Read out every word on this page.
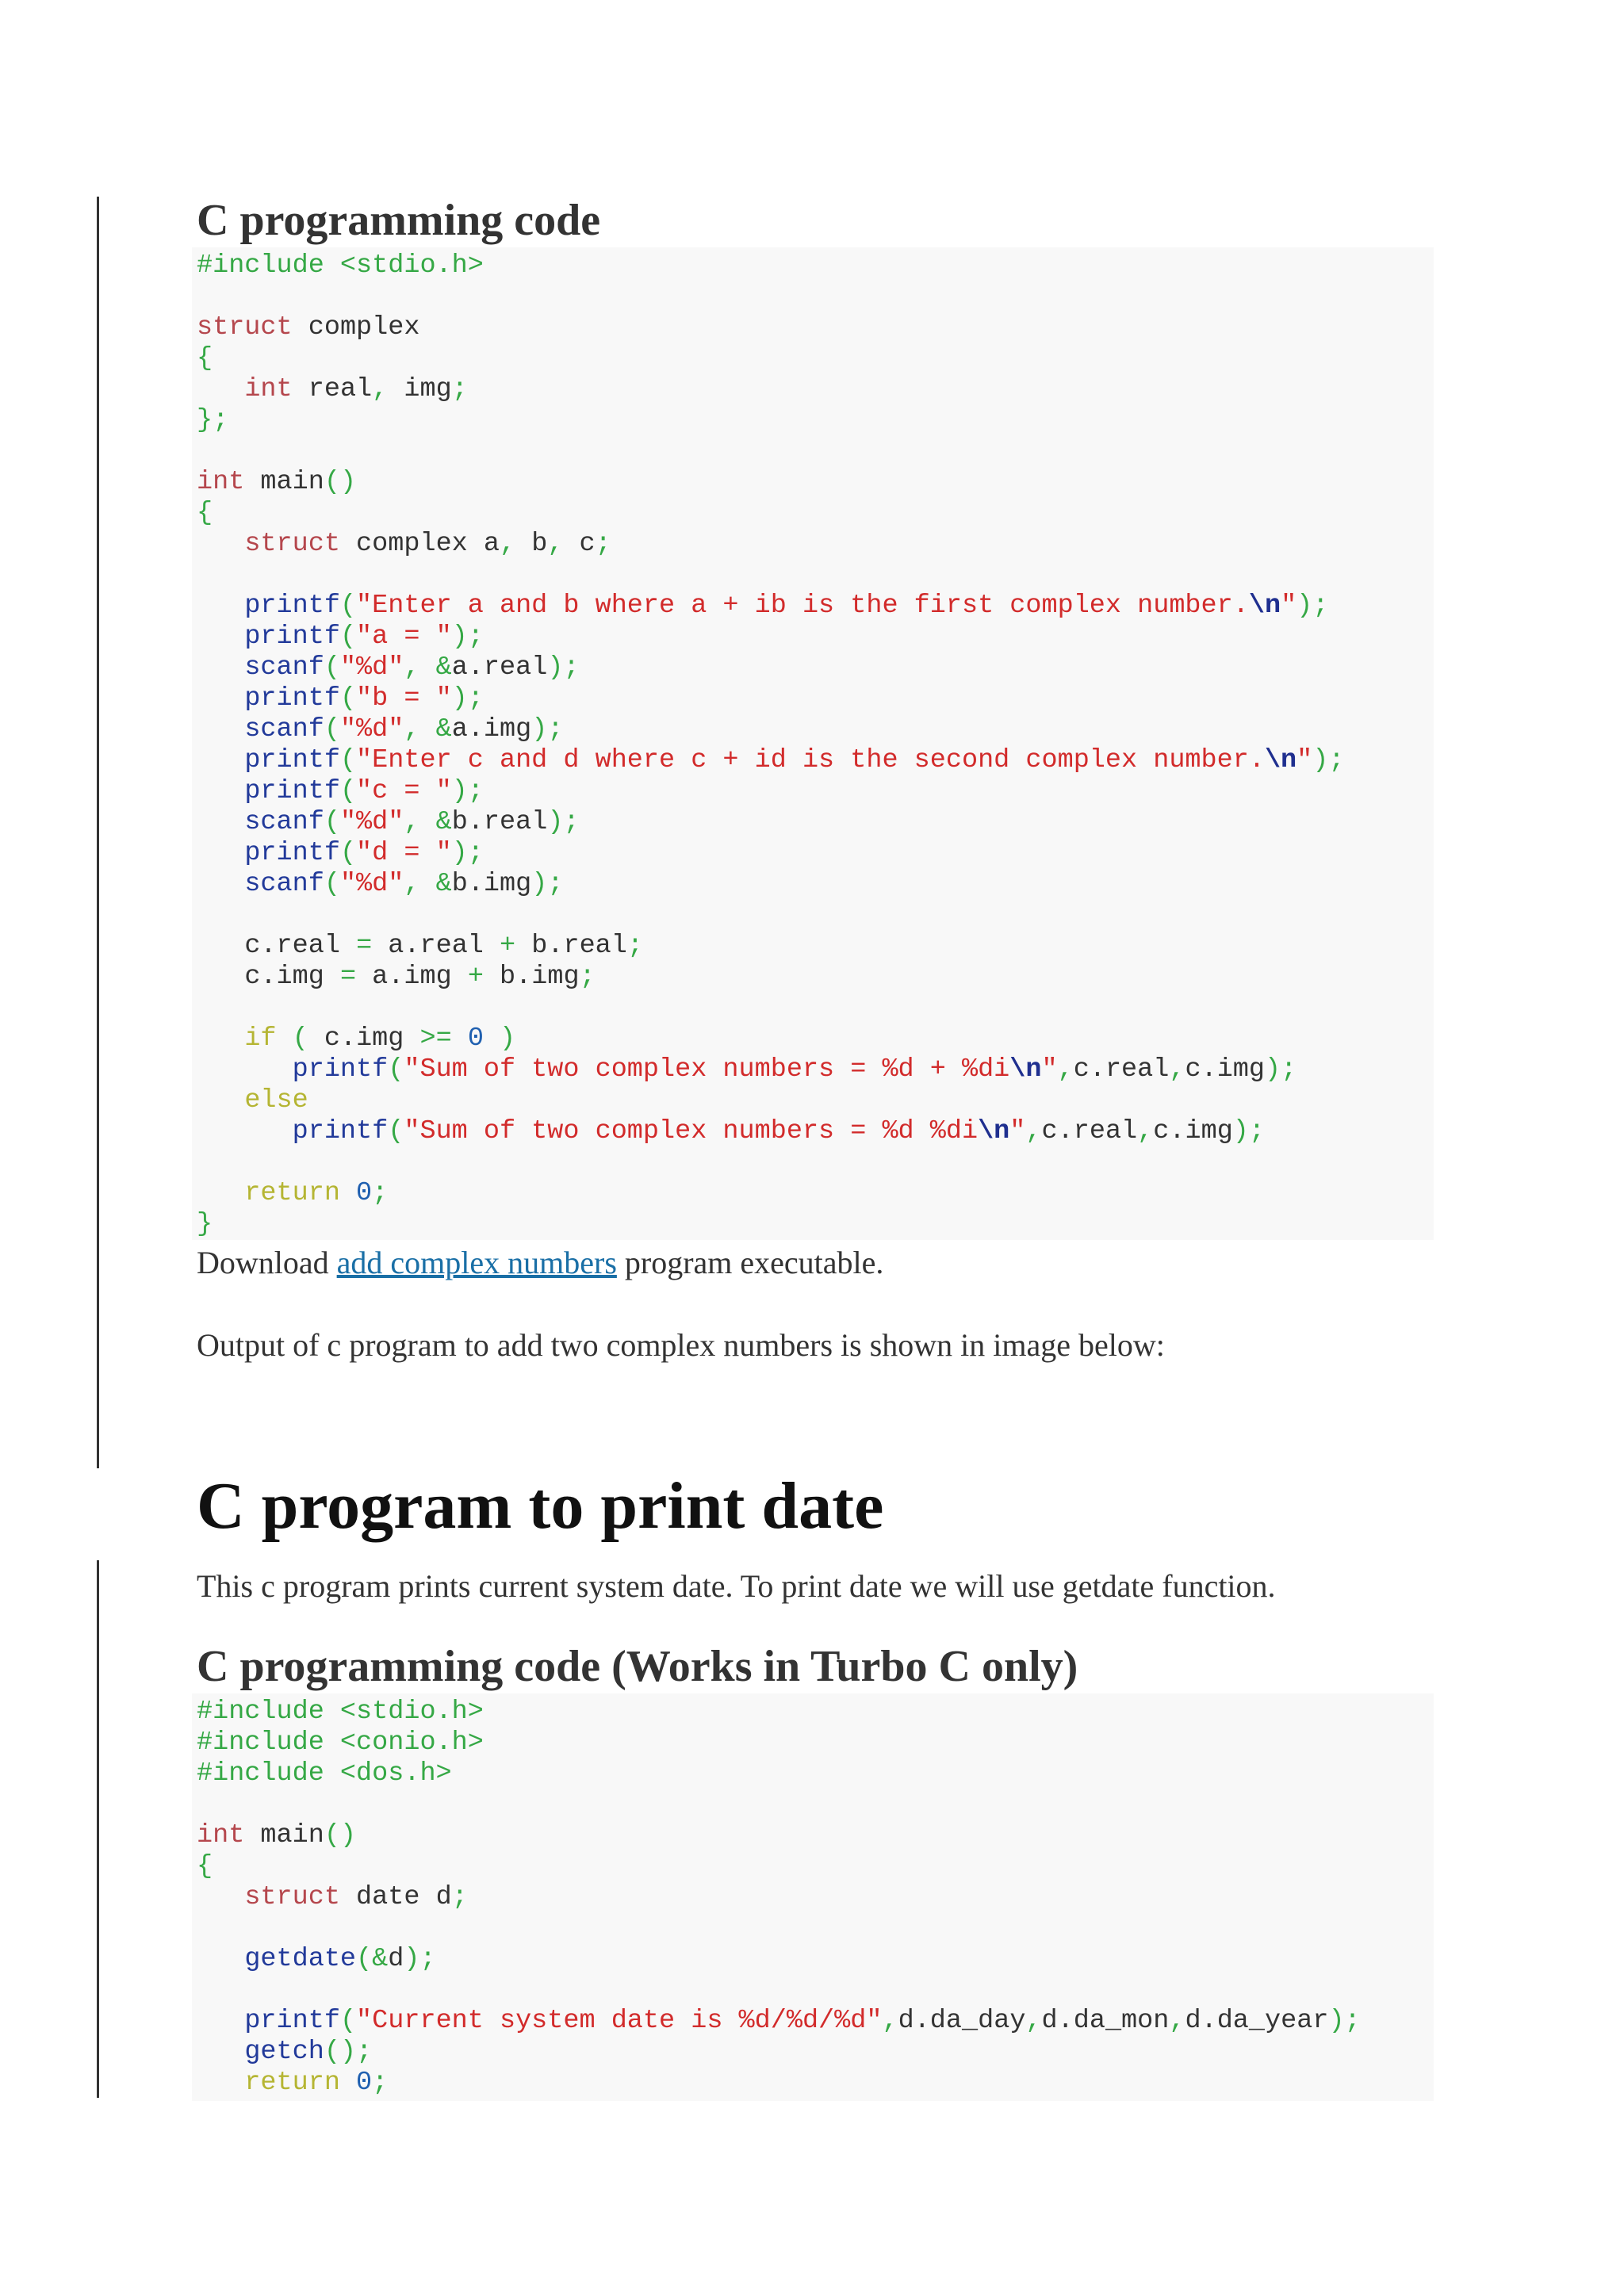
C programming code
#include <stdio.h>

struct complex
{
int real, img;
};

int main()
{
struct complex a, b, c;

printf("Enter a and b where a + ib is the first complex number.\n");
printf("a = ");
scanf("%d", &a.real);
printf("b = ");
scanf("%d", &a.img);
printf("Enter c and d where c + id is the second complex number.\n");
printf("c = ");
scanf("%d", &b.real);
printf("d = ");
scanf("%d", &b.img);

c.real = a.real + b.real;
c.img = a.img + b.img;

if ( c.img >= 0 )
printf("Sum of two complex numbers = %d + %di\n",c.real,c.img);
else
printf("Sum of two complex numbers = %d %di\n",c.real,c.img);

return 0;
}

Download add complex numbers program executable.

Output of c program to add two complex numbers is shown in image below:

C program to print date

This c program prints current system date. To print date we will use getdate function.

C programming code (Works in Turbo C only)
#include <stdio.h>
#include <conio.h>
#include <dos.h>

int main()
{
struct date d;

getdate(&d);

printf("Current system date is %d/%d/%d",d.da_day,d.da_mon,d.da_year);
getch();
return 0;
